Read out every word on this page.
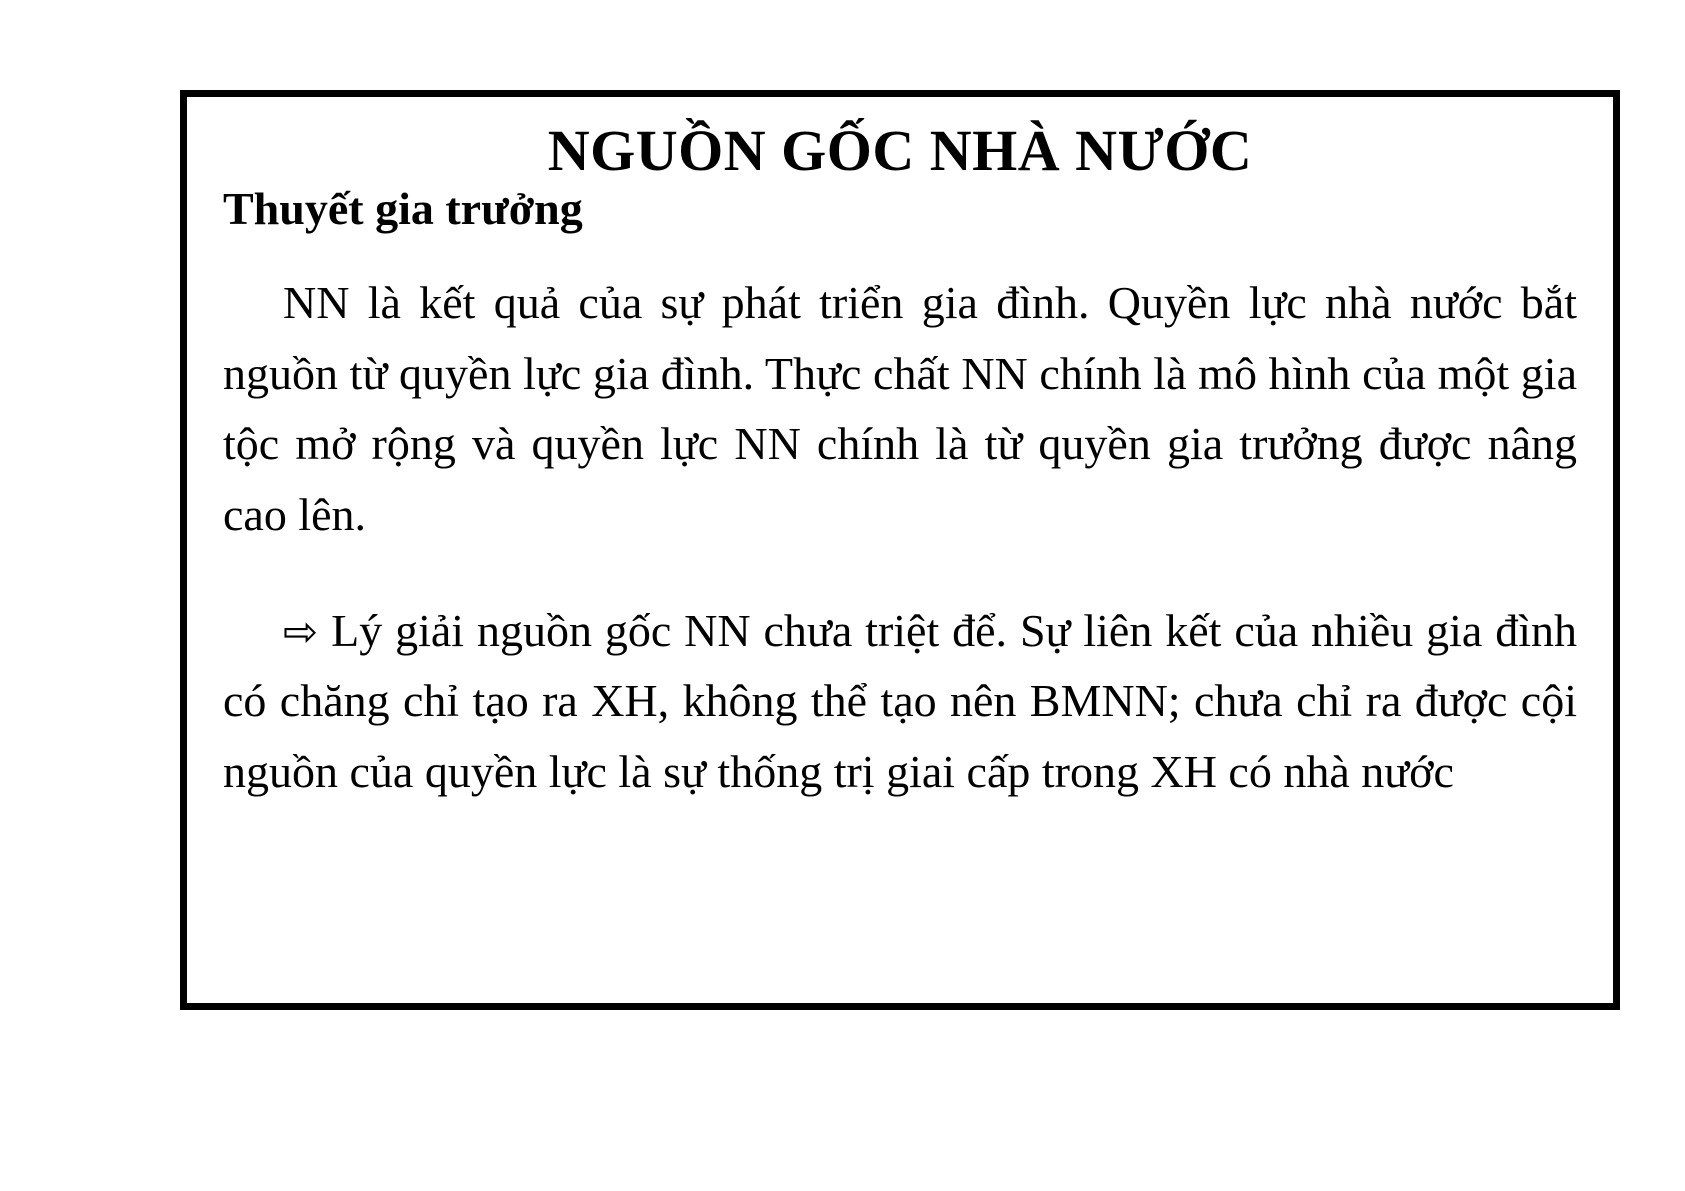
NGUỒN GỐC NHÀ NƯỚC
Thuyết gia trưởng

NN là kết quả của sự phát triển gia đình. Quyền lực nhà nước bắt nguồn từ quyền lực gia đình. Thực chất NN chính là mô hình của một gia tộc mở rộng và quyền lực NN chính là từ quyền gia trưởng được nâng cao lên.

⇨ Lý giải nguồn gốc NN chưa triệt để. Sự liên kết của nhiều gia đình có chăng chỉ tạo ra XH, không thể tạo nên BMNN; chưa chỉ ra được cội nguồn của quyền lực là sự thống trị giai cấp trong XH có nhà nước
